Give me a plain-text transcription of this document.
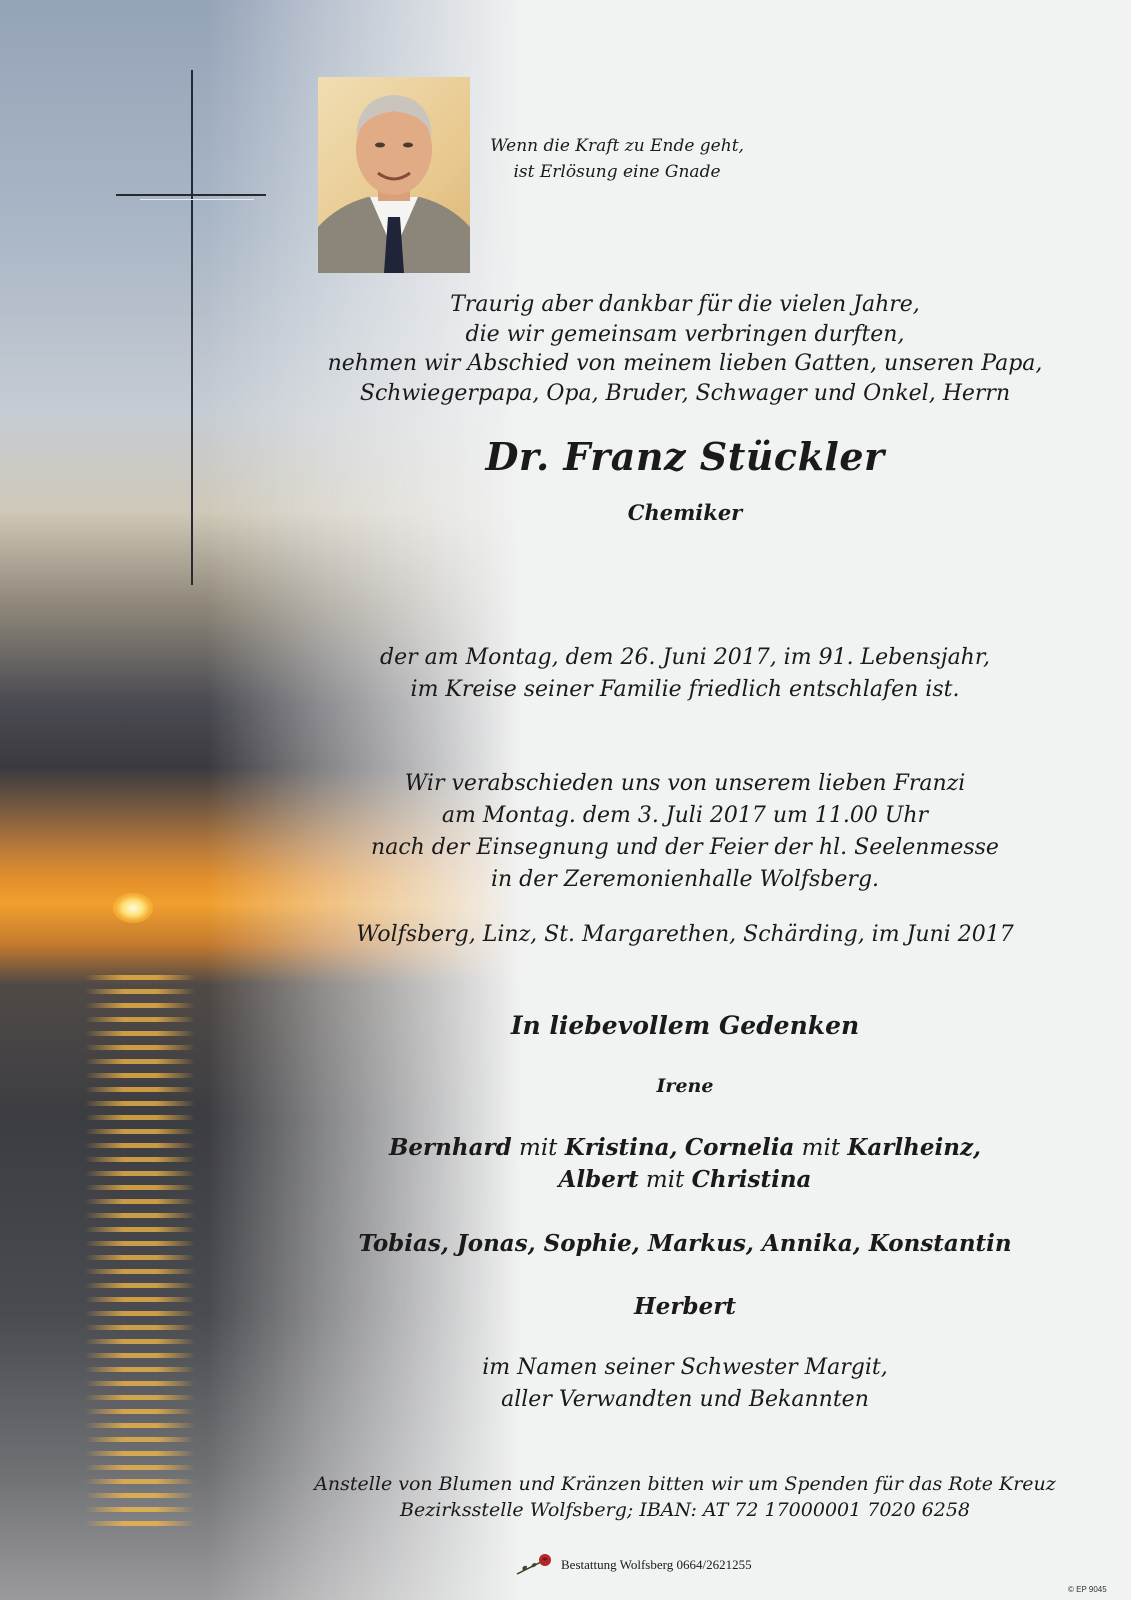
Wenn die Kraft zu Ende geht,
ist Erlösung eine Gnade
Traurig aber dankbar für die vielen Jahre,
die wir gemeinsam verbringen durften,
nehmen wir Abschied von meinem lieben Gatten, unseren Papa,
Schwiegerpapa, Opa, Bruder, Schwager und Onkel, Herrn
Dr. Franz Stückler
Chemiker
der am Montag, dem 26. Juni 2017, im 91. Lebensjahr,
im Kreise seiner Familie friedlich entschlafen ist.
Wir verabschieden uns von unserem lieben Franzi
am Montag. dem 3. Juli 2017 um 11.00 Uhr
nach der Einsegnung und der Feier der hl. Seelenmesse
in der Zeremonienhalle Wolfsberg.
Wolfsberg, Linz, St. Margarethen, Schärding, im Juni 2017
In liebevollem Gedenken
Irene
Bernhard mit Kristina, Cornelia mit Karlheinz,
Albert mit Christina
Tobias, Jonas, Sophie, Markus, Annika, Konstantin
Herbert
im Namen seiner Schwester Margit,
aller Verwandten und Bekannten
Anstelle von Blumen und Kränzen bitten wir um Spenden für das Rote Kreuz
Bezirksstelle Wolfsberg; IBAN: AT 72 17000001 7020 6258
Bestattung Wolfsberg 0664/2621255
© EP 9045
